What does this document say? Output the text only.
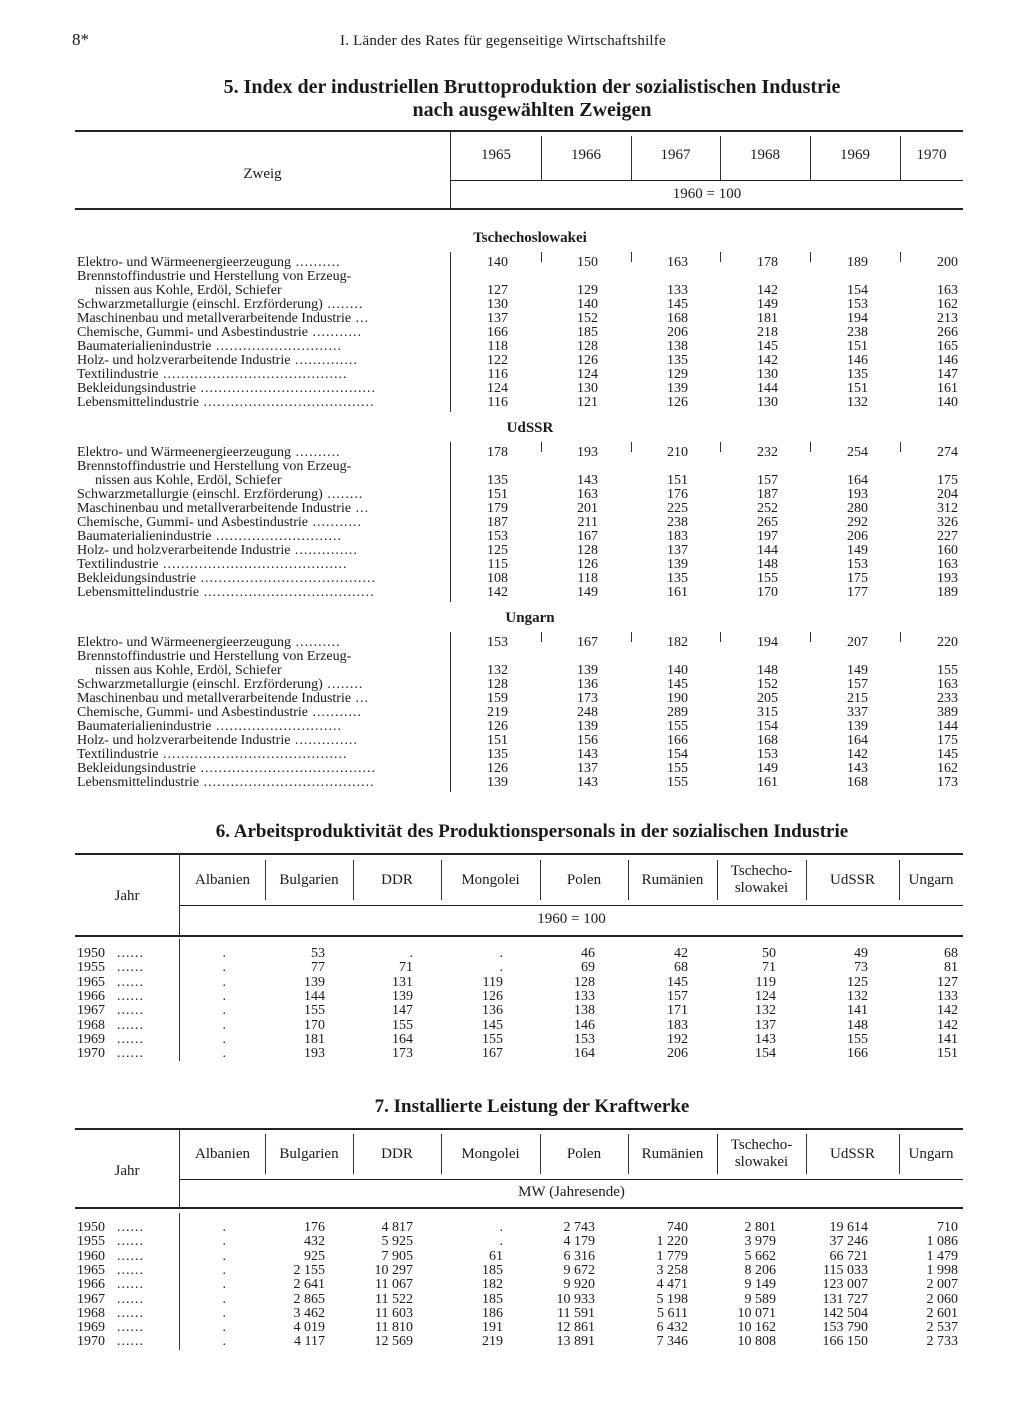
8*	I. Länder des Rates für gegenseitige Wirtschaftshilfe
5. Index der industriellen Bruttoproduktion der sozialistischen Industrie
nach ausgewählten Zweigen
Zweig
1960 = 100
1965	1966	1967	1968	1969	1970
Tschechoslowakei
Elektro- und Wärmeenergieerzeugung ..........	140	150	163	178	189	200
Brennstoffindustrie und Herstellung von Erzeug-
nissen aus Kohle, Erdöl, Schiefer	127	129	133	142	154	163
Schwarzmetallurgie (einschl. Erzförderung) ........	130	140	145	149	153	162
Maschinenbau und metallverarbeitende Industrie ...	137	152	168	181	194	213
Chemische, Gummi- und Asbestindustrie ...........	166	185	206	218	238	266
Baumaterialienindustrie ............................	118	128	138	145	151	165
Holz- und holzverarbeitende Industrie ..............	122	126	135	142	146	146
Textilindustrie .........................................	116	124	129	130	135	147
Bekleidungsindustrie .......................................	124	130	139	144	151	161
Lebensmittelindustrie ......................................	116	121	126	130	132	140
UdSSR
Elektro- und Wärmeenergieerzeugung ..........	178	193	210	232	254	274
Brennstoffindustrie und Herstellung von Erzeug-
nissen aus Kohle, Erdöl, Schiefer	135	143	151	157	164	175
Schwarzmetallurgie (einschl. Erzförderung) ........	151	163	176	187	193	204
Maschinenbau und metallverarbeitende Industrie ...	179	201	225	252	280	312
Chemische, Gummi- und Asbestindustrie ...........	187	211	238	265	292	326
Baumaterialienindustrie ............................	153	167	183	197	206	227
Holz- und holzverarbeitende Industrie ..............	125	128	137	144	149	160
Textilindustrie .........................................	115	126	139	148	153	163
Bekleidungsindustrie .......................................	108	118	135	155	175	193
Lebensmittelindustrie ......................................	142	149	161	170	177	189
Ungarn
Elektro- und Wärmeenergieerzeugung ..........	153	167	182	194	207	220
Brennstoffindustrie und Herstellung von Erzeug-
nissen aus Kohle, Erdöl, Schiefer	132	139	140	148	149	155
Schwarzmetallurgie (einschl. Erzförderung) ........	128	136	145	152	157	163
Maschinenbau und metallverarbeitende Industrie ...	159	173	190	205	215	233
Chemische, Gummi- und Asbestindustrie ...........	219	248	289	315	337	389
Baumaterialienindustrie ............................	126	139	155	154	139	144
Holz- und holzverarbeitende Industrie ..............	151	156	166	168	164	175
Textilindustrie .........................................	135	143	154	153	142	145
Bekleidungsindustrie .......................................	126	137	155	149	143	162
Lebensmittelindustrie ......................................	139	143	155	161	168	173
6. Arbeitsproduktivität des Produktionspersonals in der sozialischen Industrie
Jahr
1960 = 100
Albanien	Bulgarien	DDR	Mongolei	Polen	Rumänien
Tschecho-
slowakei	UdSSR	Ungarn
1950 ......	.	53	.	.	46	42	50	49	68
1955 ......	.	77	71	.	69	68	71	73	81
1965 ......	.	139	131	119	128	145	119	125	127
1966 ......	.	144	139	126	133	157	124	132	133
1967 ......	.	155	147	136	138	171	132	141	142
1968 ......	.	170	155	145	146	183	137	148	142
1969 ......	.	181	164	155	153	192	143	155	141
1970 ......	.	193	173	167	164	206	154	166	151
7. Installierte Leistung der Kraftwerke
Jahr
MW (Jahresende)
Albanien	Bulgarien	DDR	Mongolei	Polen	Rumänien
Tschecho-
slowakei	UdSSR	Ungarn
1950 ......	.	176	4 817	.	2 743	740	2 801	19 614	710
1955 ......	.	432	5 925	.	4 179	1 220	3 979	37 246	1 086
1960 ......	.	925	7 905	61	6 316	1 779	5 662	66 721	1 479
1965 ......	.	2 155	10 297	185	9 672	3 258	8 206	115 033	1 998
1966 ......	.	2 641	11 067	182	9 920	4 471	9 149	123 007	2 007
1967 ......	.	2 865	11 522	185	10 933	5 198	9 589	131 727	2 060
1968 ......	.	3 462	11 603	186	11 591	5 611	10 071	142 504	2 601
1969 ......	.	4 019	11 810	191	12 861	6 432	10 162	153 790	2 537
1970 ......	.	4 117	12 569	219	13 891	7 346	10 808	166 150	2 733
